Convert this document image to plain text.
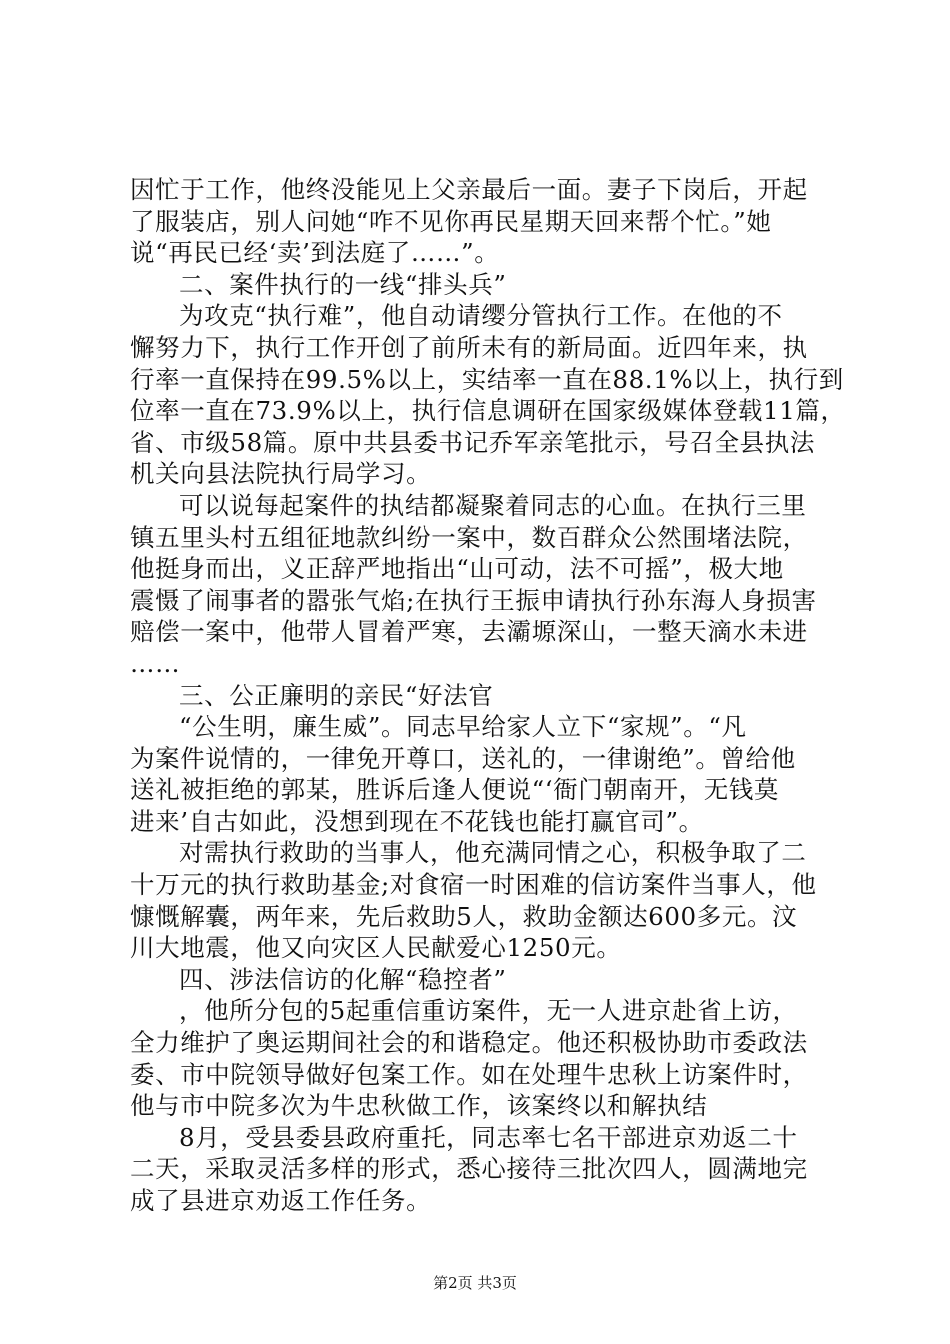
因忙于工作，他终没能见上父亲最后一面。妻子下岗后，开起
了服装店，别人问她“咋不见你再民星期天回来帮个忙。”她
说“再民已经‘卖’到法庭了……”。
二、案件执行的一线“排头兵”
为攻克“执行难”，他自动请缨分管执行工作。在他的不
懈努力下，执行工作开创了前所未有的新局面。近四年来，执
行率一直保持在99.5%以上，实结率一直在88.1%以上，执行到
位率一直在73.9%以上，执行信息调研在国家级媒体登载11篇，
省、市级58篇。原中共县委书记乔军亲笔批示，号召全县执法
机关向县法院执行局学习。
可以说每起案件的执结都凝聚着同志的心血。在执行三里
镇五里头村五组征地款纠纷一案中，数百群众公然围堵法院，
他挺身而出，义正辞严地指出“山可动，法不可摇”，极大地
震慑了闹事者的嚣张气焰;在执行王振申请执行孙东海人身损害
赔偿一案中，他带人冒着严寒，去灞塬深山，一整天滴水未进
……
三、公正廉明的亲民“好法官
“公生明，廉生威”。同志早给家人立下“家规”。“凡
为案件说情的，一律免开尊口，送礼的，一律谢绝”。曾给他
送礼被拒绝的郭某，胜诉后逢人便说“‘衙门朝南开，无钱莫
进来’自古如此，没想到现在不花钱也能打赢官司”。
对需执行救助的当事人，他充满同情之心，积极争取了二
十万元的执行救助基金;对食宿一时困难的信访案件当事人，他
慷慨解囊，两年来，先后救助5人，救助金额达600多元。汶
川大地震，他又向灾区人民献爱心1250元。
四、涉法信访的化解“稳控者”
，他所分包的5起重信重访案件，无一人进京赴省上访，
全力维护了奥运期间社会的和谐稳定。他还积极协助市委政法
委、市中院领导做好包案工作。如在处理牛忠秋上访案件时，
他与市中院多次为牛忠秋做工作，该案终以和解执结
8月，受县委县政府重托，同志率七名干部进京劝返二十
二天，采取灵活多样的形式，悉心接待三批次四人，圆满地完
成了县进京劝返工作任务。
第2页 共3页
